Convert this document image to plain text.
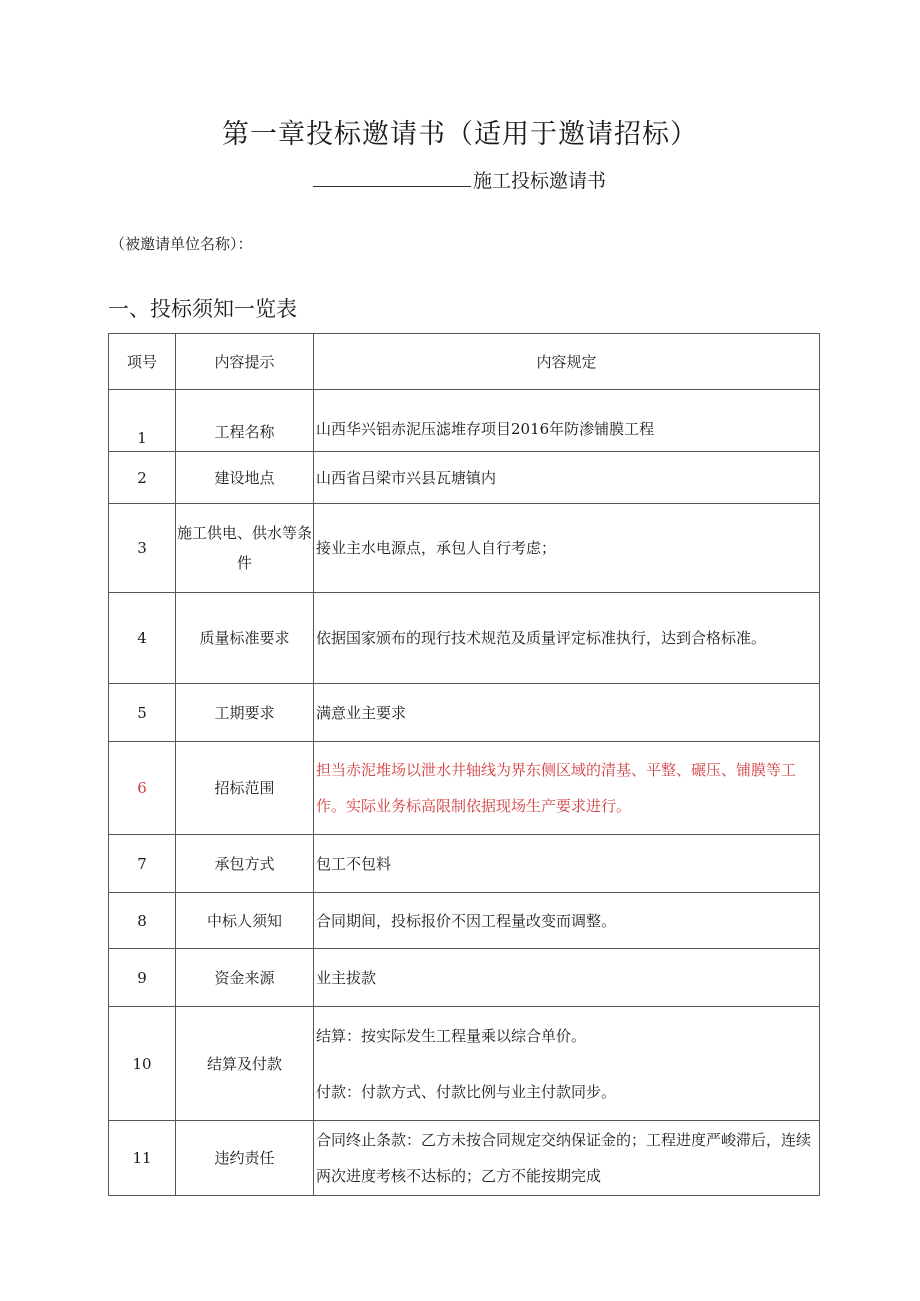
第一章投标邀请书（适用于邀请招标）
施工投标邀请书
（被邀请单位名称）：
一、投标须知一览表
项号	内容提示	内容规定
1	工程名称	山西华兴铝赤泥压滤堆存项目2016年防渗铺膜工程
2	建设地点	山西省吕梁市兴县瓦塘镇内
3	施工供电、供水等条件	接业主水电源点，承包人自行考虑；
4	质量标准要求	依据国家颁布的现行技术规范及质量评定标准执行，达到合格标准。
5	工期要求	满意业主要求
6	招标范围	担当赤泥堆场以泄水井轴线为界东侧区域的清基、平整、碾压、铺膜等工作。实际业务标高限制依据现场生产要求进行。
7	承包方式	包工不包料
8	中标人须知	合同期间，投标报价不因工程量改变而调整。
9	资金来源	业主拔款
10	结算及付款	结算：按实际发生工程量乘以综合单价。
付款：付款方式、付款比例与业主付款同步。

11	违约责任	合同终止条款：乙方未按合同规定交纳保证金的；工程进度严峻滞后，连续两次进度考核不达标的；乙方不能按期完成
